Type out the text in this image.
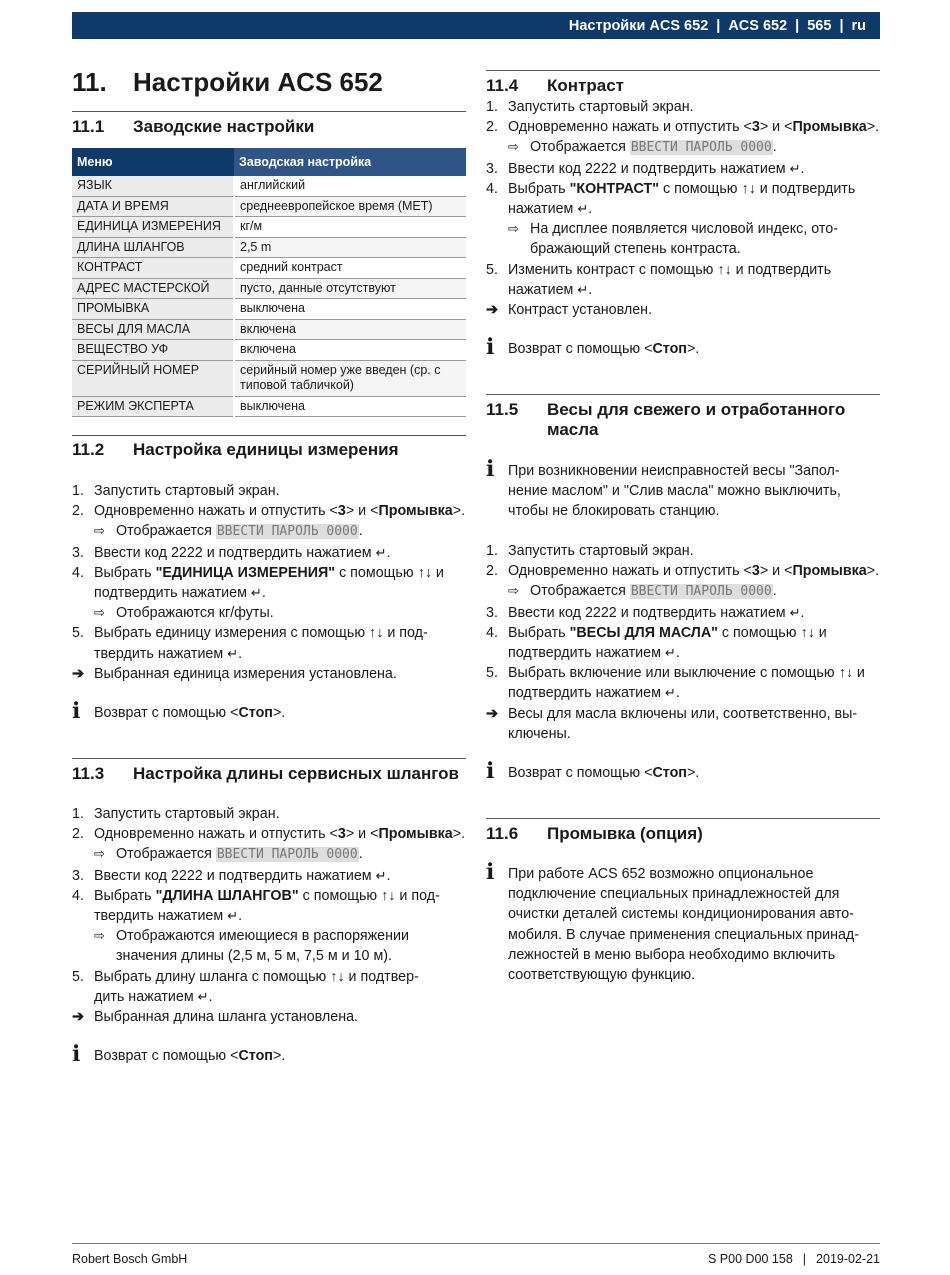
Настройки ACS 652 | ACS 652 | 565 | ru
11.	Настройки ACS 652
11.1	Заводские настройки
Меню	Заводская настройка
ЯЗЫК	английский
ДАТА И ВРЕМЯ	среднеевропейское время (MET)
ЕДИНИЦА ИЗМЕРЕНИЯ	кг/м
ДЛИНА ШЛАНГОВ	2,5 m
КОНТРАСТ	средний контраст
АДРЕС МАСТЕРСКОЙ	пусто, данные отсутствуют
ПРОМЫВКА	выключена
ВЕСЫ ДЛЯ МАСЛА	включена
ВЕЩЕСТВО УФ	включена
СЕРИЙНЫЙ НОМЕР	серийный номер уже введен (ср. с типовой табличкой)
РЕЖИМ ЭКСПЕРТА	выключена
11.2	Настройка единицы измерения
1. Запустить стартовый экран.
2. Одновременно нажать и отпустить <3> и <Промывка>.
⇨ Отображается ВВЕСТИ ПАРОЛЬ 0000.
3. Ввести код 2222 и подтвердить нажатием ↵.
4. Выбрать "ЕДИНИЦА ИЗМЕРЕНИЯ" с помощью ↑↓ и подтвердить нажатием ↵.
⇨ Отображаются кг/футы.
5. Выбрать единицу измерения с помощью ↑↓ и под-
твердить нажатием ↵.
➔ Выбранная единица измерения установлена.
ℹ Возврат с помощью <Стоп>.
11.3	Настройка длины сервисных шлангов
1. Запустить стартовый экран.
2. Одновременно нажать и отпустить <3> и <Промывка>.
⇨ Отображается ВВЕСТИ ПАРОЛЬ 0000.
3. Ввести код 2222 и подтвердить нажатием ↵.
4. Выбрать "ДЛИНА ШЛАНГОВ" с помощью ↑↓ и под-
твердить нажатием ↵.
⇨ Отображаются имеющиеся в распоряжении
значения длины (2,5 м, 5 м, 7,5 м и 10 м).
5. Выбрать длину шланга с помощью ↑↓ и подтвер-
дить нажатием ↵.
➔ Выбранная длина шланга установлена.
ℹ Возврат с помощью <Стоп>.
11.4	Контраст
1. Запустить стартовый экран.
2. Одновременно нажать и отпустить <3> и <Промывка>.
⇨ Отображается ВВЕСТИ ПАРОЛЬ 0000.
3. Ввести код 2222 и подтвердить нажатием ↵.
4. Выбрать "КОНТРАСТ" с помощью ↑↓ и подтвердить
нажатием ↵.
⇨ На дисплее появляется числовой индекс, ото-
бражающий степень контраста.
5. Изменить контраст с помощью ↑↓ и подтвердить
нажатием ↵.
➔ Контраст установлен.
ℹ Возврат с помощью <Стоп>.
11.5	Весы для свежего и отработанного масла
ℹ При возникновении неисправностей весы "Запол-
нение маслом" и "Слив масла" можно выключить,
чтобы не блокировать станцию.
1. Запустить стартовый экран.
2. Одновременно нажать и отпустить <3> и <Промывка>.
⇨ Отображается ВВЕСТИ ПАРОЛЬ 0000.
3. Ввести код 2222 и подтвердить нажатием ↵.
4. Выбрать "ВЕСЫ ДЛЯ МАСЛА" с помощью ↑↓ и
подтвердить нажатием ↵.
5. Выбрать включение или выключение с помощью ↑↓ и подтвердить нажатием ↵.
➔ Весы для масла включены или, соответственно, вы-
ключены.
ℹ Возврат с помощью <Стоп>.
11.6	Промывка (опция)
ℹ При работе ACS 652 возможно опциональное
подключение специальных принадлежностей для
очистки деталей системы кондиционирования авто-
мобиля. В случае применения специальных принад-
лежностей в меню выбора необходимо включить
соответствующую функцию.
Robert Bosch GmbH	S P00 D00 158 | 2019-02-21
